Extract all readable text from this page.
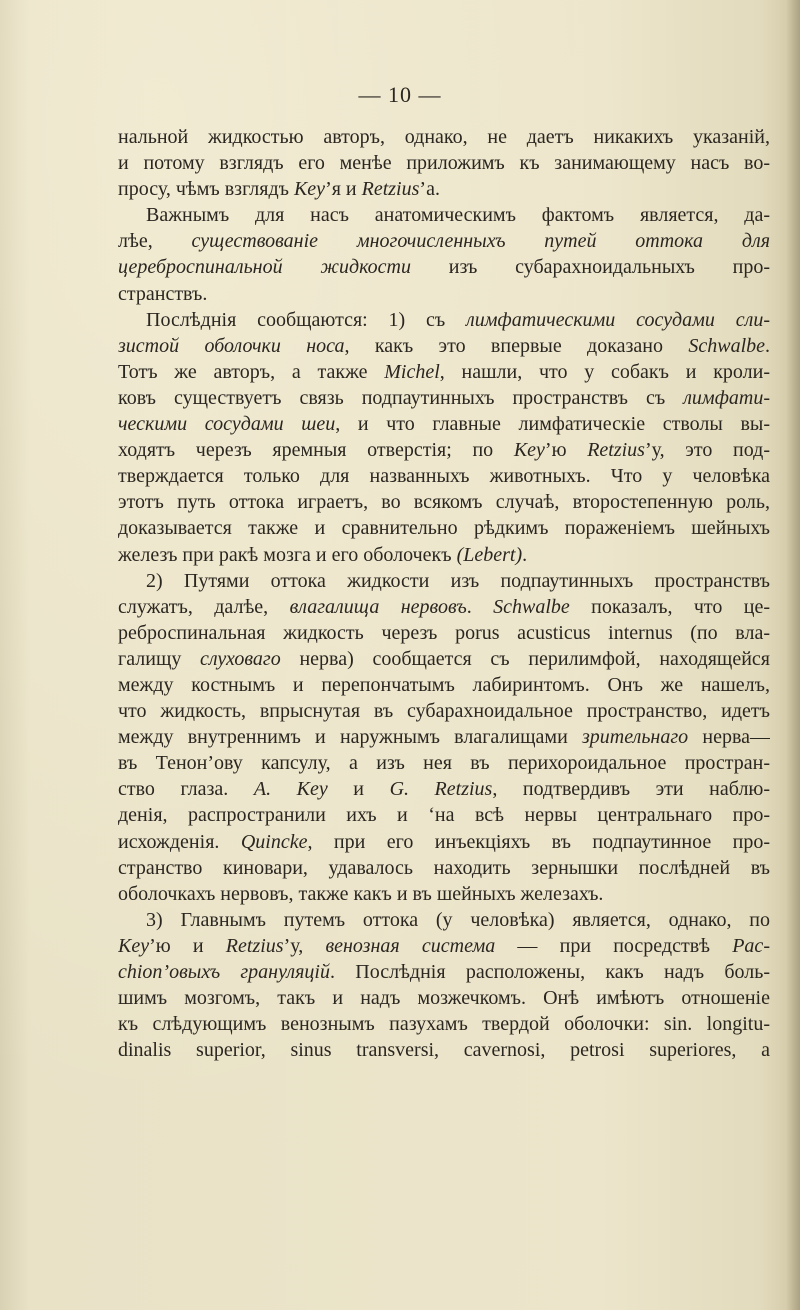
— 10 —
нальной жидкостью авторъ, однако, не даетъ никакихъ указаній,
и потому взглядъ его менѣе приложимъ къ занимающему насъ во-
просу, чѣмъ взглядъ Key’я и Retzius’а.
Важнымъ для насъ анатомическимъ фактомъ является, да-
лѣе, существованіе многочисленныхъ путей оттока для
цереброспинальной жидкости изъ субарахноидальныхъ про-
странствъ.
Послѣднія сообщаются: 1) съ лимфатическими сосудами сли-
зистой оболочки носа, какъ это впервые доказано Schwalbe.
Тотъ же авторъ, а также Michel, нашли, что у собакъ и кроли-
ковъ существуетъ связь подпаутинныхъ пространствъ съ лимфати-
ческими сосудами шеи, и что главные лимфатическіе стволы вы-
ходятъ черезъ яремныя отверстія; по Key’ю Retzius’у, это под-
тверждается только для названныхъ животныхъ. Что у человѣка
этотъ путь оттока играетъ, во всякомъ случаѣ, второстепенную роль,
доказывается также и сравнительно рѣдкимъ пораженіемъ шейныхъ
железъ при ракѣ мозга и его оболочекъ (Lebert).
2) Путями оттока жидкости изъ подпаутинныхъ пространствъ
служатъ, далѣе, влагалища нервовъ. Schwalbe показалъ, что це-
реброспинальная жидкость черезъ porus acusticus internus (по вла-
галищу слуховаго нерва) сообщается съ перилимфой, находящейся
между костнымъ и перепончатымъ лабиринтомъ. Онъ же нашелъ,
что жидкость, впрыснутая въ субарахноидальное пространство, идетъ
между внутреннимъ и наружнымъ влагалищами зрительнаго нерва—
въ Тенон’ову капсулу, а изъ нея въ перихороидальное простран-
ство глаза. A. Key и G. Retzius, подтвердивъ эти наблю-
денія, распространили ихъ и ‘на всѣ нервы центральнаго про-
исхожденія. Quincke, при его инъекціяхъ въ подпаутинное про-
странство киновари, удавалось находить зернышки послѣдней въ
оболочкахъ нервовъ, также какъ и въ шейныхъ железахъ.
3) Главнымъ путемъ оттока (у человѣка) является, однако, по
Key’ю и Retzius’у, венозная система — при посредствѣ Pac-
chion’овыхъ грануляцій. Послѣднія расположены, какъ надъ боль-
шимъ мозгомъ, такъ и надъ мозжечкомъ. Онѣ имѣютъ отношеніе
къ слѣдующимъ венознымъ пазухамъ твердой оболочки: sin. longitu-
dinalis superior, sinus transversi, cavernosi, petrosi superiores, а
